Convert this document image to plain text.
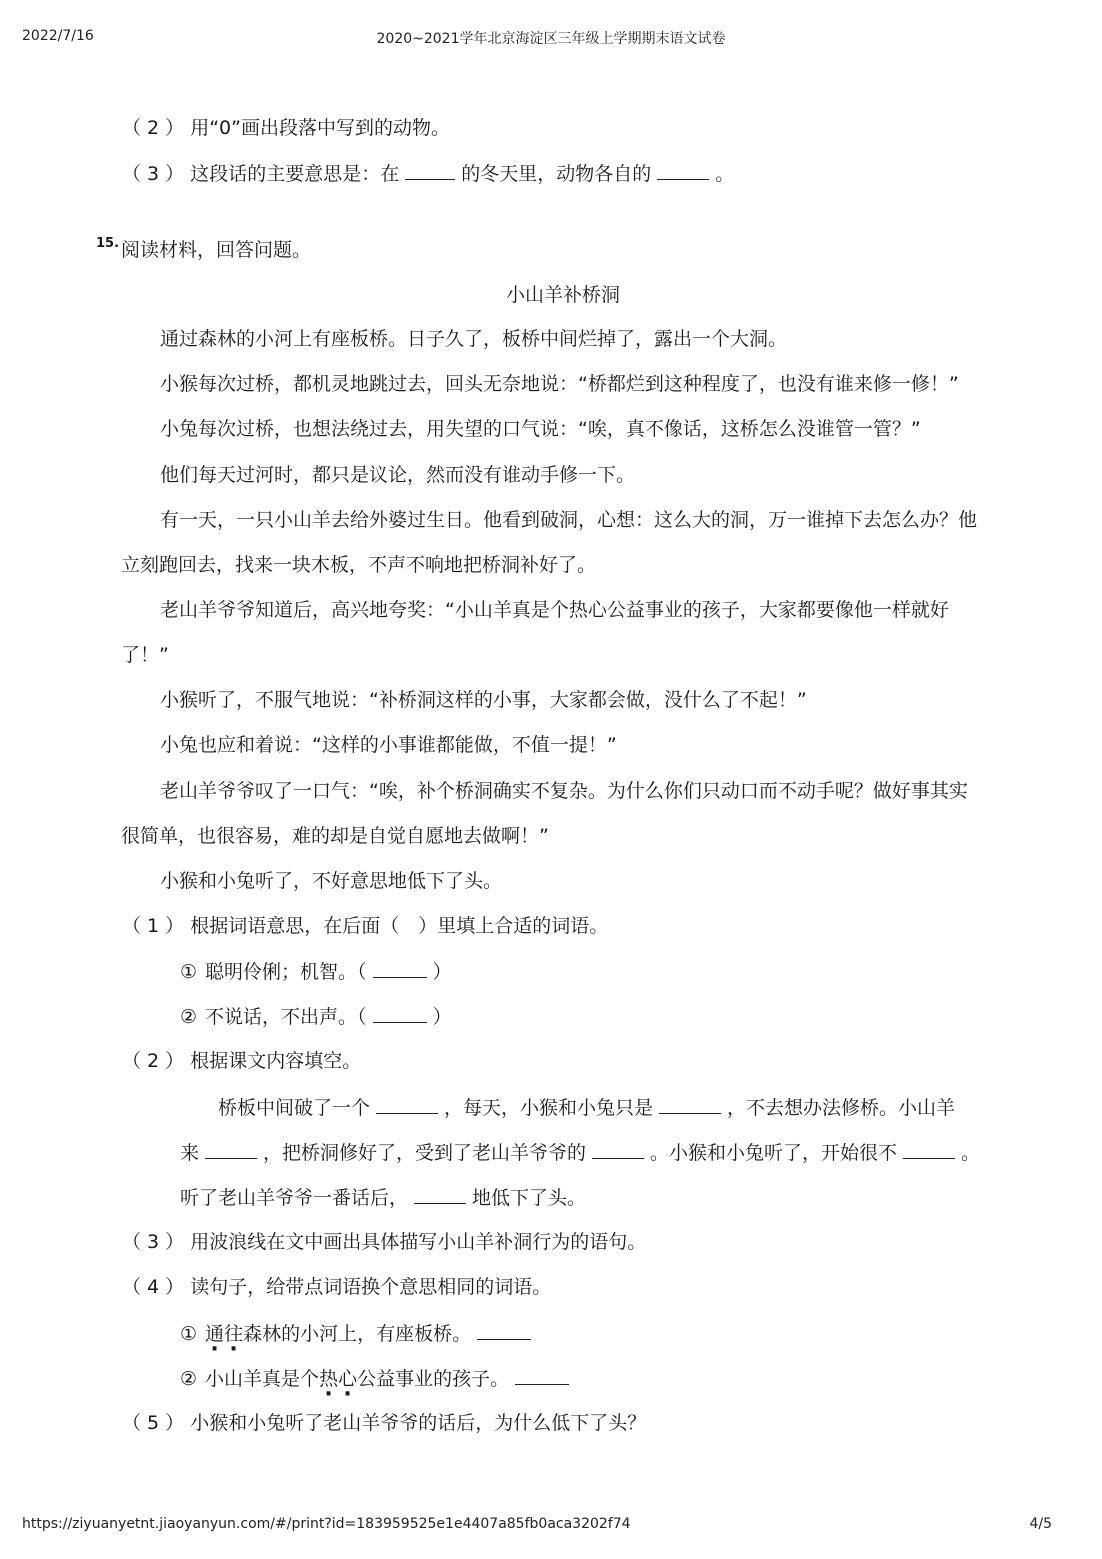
2022/7/16	2020~2021学年北京海淀区三年级上学期期末语文试卷
（ 2 ） 用“0”画出段落中写到的动物。
（ 3 ） 这段话的主要意思是：在	的冬天里，动物各自的	。
15. 阅读材料，回答问题。
小山羊补桥洞
通过森林的小河上有座板桥。日子久了，板桥中间烂掉了，露出一个大洞。
小猴每次过桥，都机灵地跳过去，回头无奈地说：“桥都烂到这种程度了，也没有谁来修一修！”
小兔每次过桥，也想法绕过去，用失望的口气说：“唉，真不像话，这桥怎么没谁管一管？”
他们每天过河时，都只是议论，然而没有谁动手修一下。
有一天，一只小山羊去给外婆过生日。他看到破洞，心想：这么大的洞，万一谁掉下去怎么办？他
立刻跑回去，找来一块木板，不声不响地把桥洞补好了。
老山羊爷爷知道后，高兴地夸奖：“小山羊真是个热心公益事业的孩子，大家都要像他一样就好
了！”
小猴听了，不服气地说：“补桥洞这样的小事，大家都会做，没什么了不起！”
小兔也应和着说：“这样的小事谁都能做，不值一提！”
老山羊爷爷叹了一口气：“唉，补个桥洞确实不复杂。为什么你们只动口而不动手呢？做好事其实
很简单，也很容易，难的却是自觉自愿地去做啊！”
小猴和小兔听了，不好意思地低下了头。
（ 1 ） 根据词语意思，在后面（　）里填上合适的词语。
① 聪明伶俐；机智。（	）
② 不说话，不出声。（	）
（ 2 ） 根据课文内容填空。
桥板中间破了一个	，每天，小猴和小兔只是	，不去想办法修桥。小山羊
来	，把桥洞修好了，受到了老山羊爷爷的	。小猴和小兔听了，开始很不	。
听了老山羊爷爷一番话后，	地低下了头。
（ 3 ） 用波浪线在文中画出具体描写小山羊补洞行为的语句。
（ 4 ） 读句子，给带点词语换个意思相同的词语。
① 通往森林的小河上，有座板桥。
② 小山羊真是个热心公益事业的孩子。
（ 5 ） 小猴和小兔听了老山羊爷爷的话后，为什么低下了头？
https://ziyuanyetnt.jiaoyanyun.com/#/print?id=183959525e1e4407a85fb0aca3202f74	4/5
